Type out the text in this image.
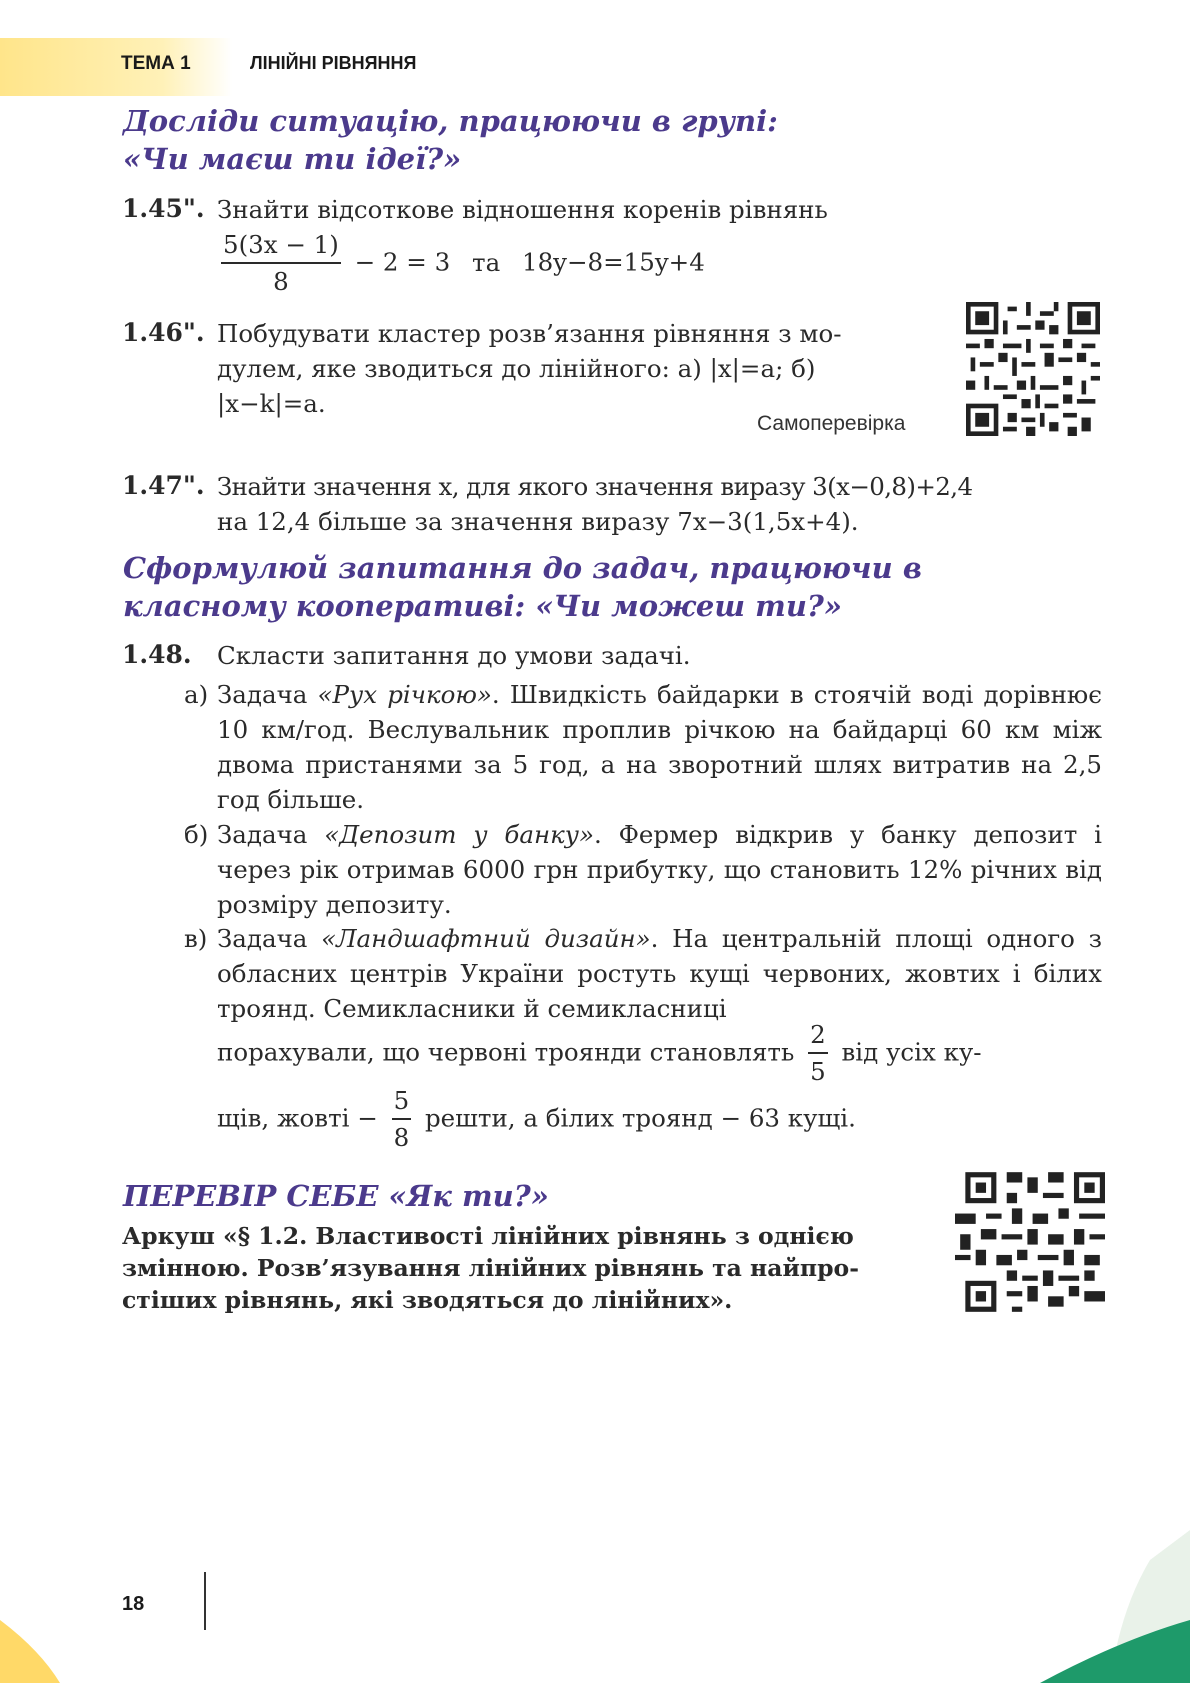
ТЕМА 1	ЛІНІЙНІ РІВНЯННЯ
Досліди ситуацію, працюючи в групі:
«Чи маєш ти ідеї?»
1.45". Знайти відсоткове відношення коренів рівнянь
$\frac{5(3x - 1)}{8} - 2 = 3$ та 18y−8=15y+4
1.46". Побудувати кластер розв’язання рівняння з мо-
дулем, яке зводиться до лінійного: а) |x|=a; б)
|x−k|=a.
Самоперевірка
1.47". Знайти значення x, для якого значення виразу 3(x−0,8)+2,4
на 12,4 більше за значення виразу 7x−3(1,5x+4).
Сформулюй запитання до задач, працюючи в
класному кооперативі: «Чи можеш ти?»
1.48. Скласти запитання до умови задачі.
а) Задача «Рух річкою». Швидкість байдарки в стоячій воді дорівнює 10 км/год. Веслувальник проплив річкою на байдарці 60 км між двома пристанями за 5 год, а на зворотний шлях витратив на 2,5 год більше.
б) Задача «Депозит у банку». Фермер відкрив у банку депозит і через рік отримав 6000 грн прибутку, що становить 12% річних від розміру депозиту.
в) Задача «Ландшафтний дизайн». На центральній площі одного з обласних центрів України ростуть кущі червоних, жовтих і білих троянд. Семикласники й семикласниці
порахували, що червоні троянди становлять $\frac{2}{5}$ від усіх ку-
щів, жовті − $\frac{5}{8}$ решти, а білих троянд − 63 кущі.
ПЕРЕВІР СЕБЕ «Як ти?»
Аркуш «§ 1.2. Властивості лінійних рівнянь з однією
змінною. Розв’язування лінійних рівнянь та найпро-
стіших рівнянь, які зводяться до лінійних».
18
